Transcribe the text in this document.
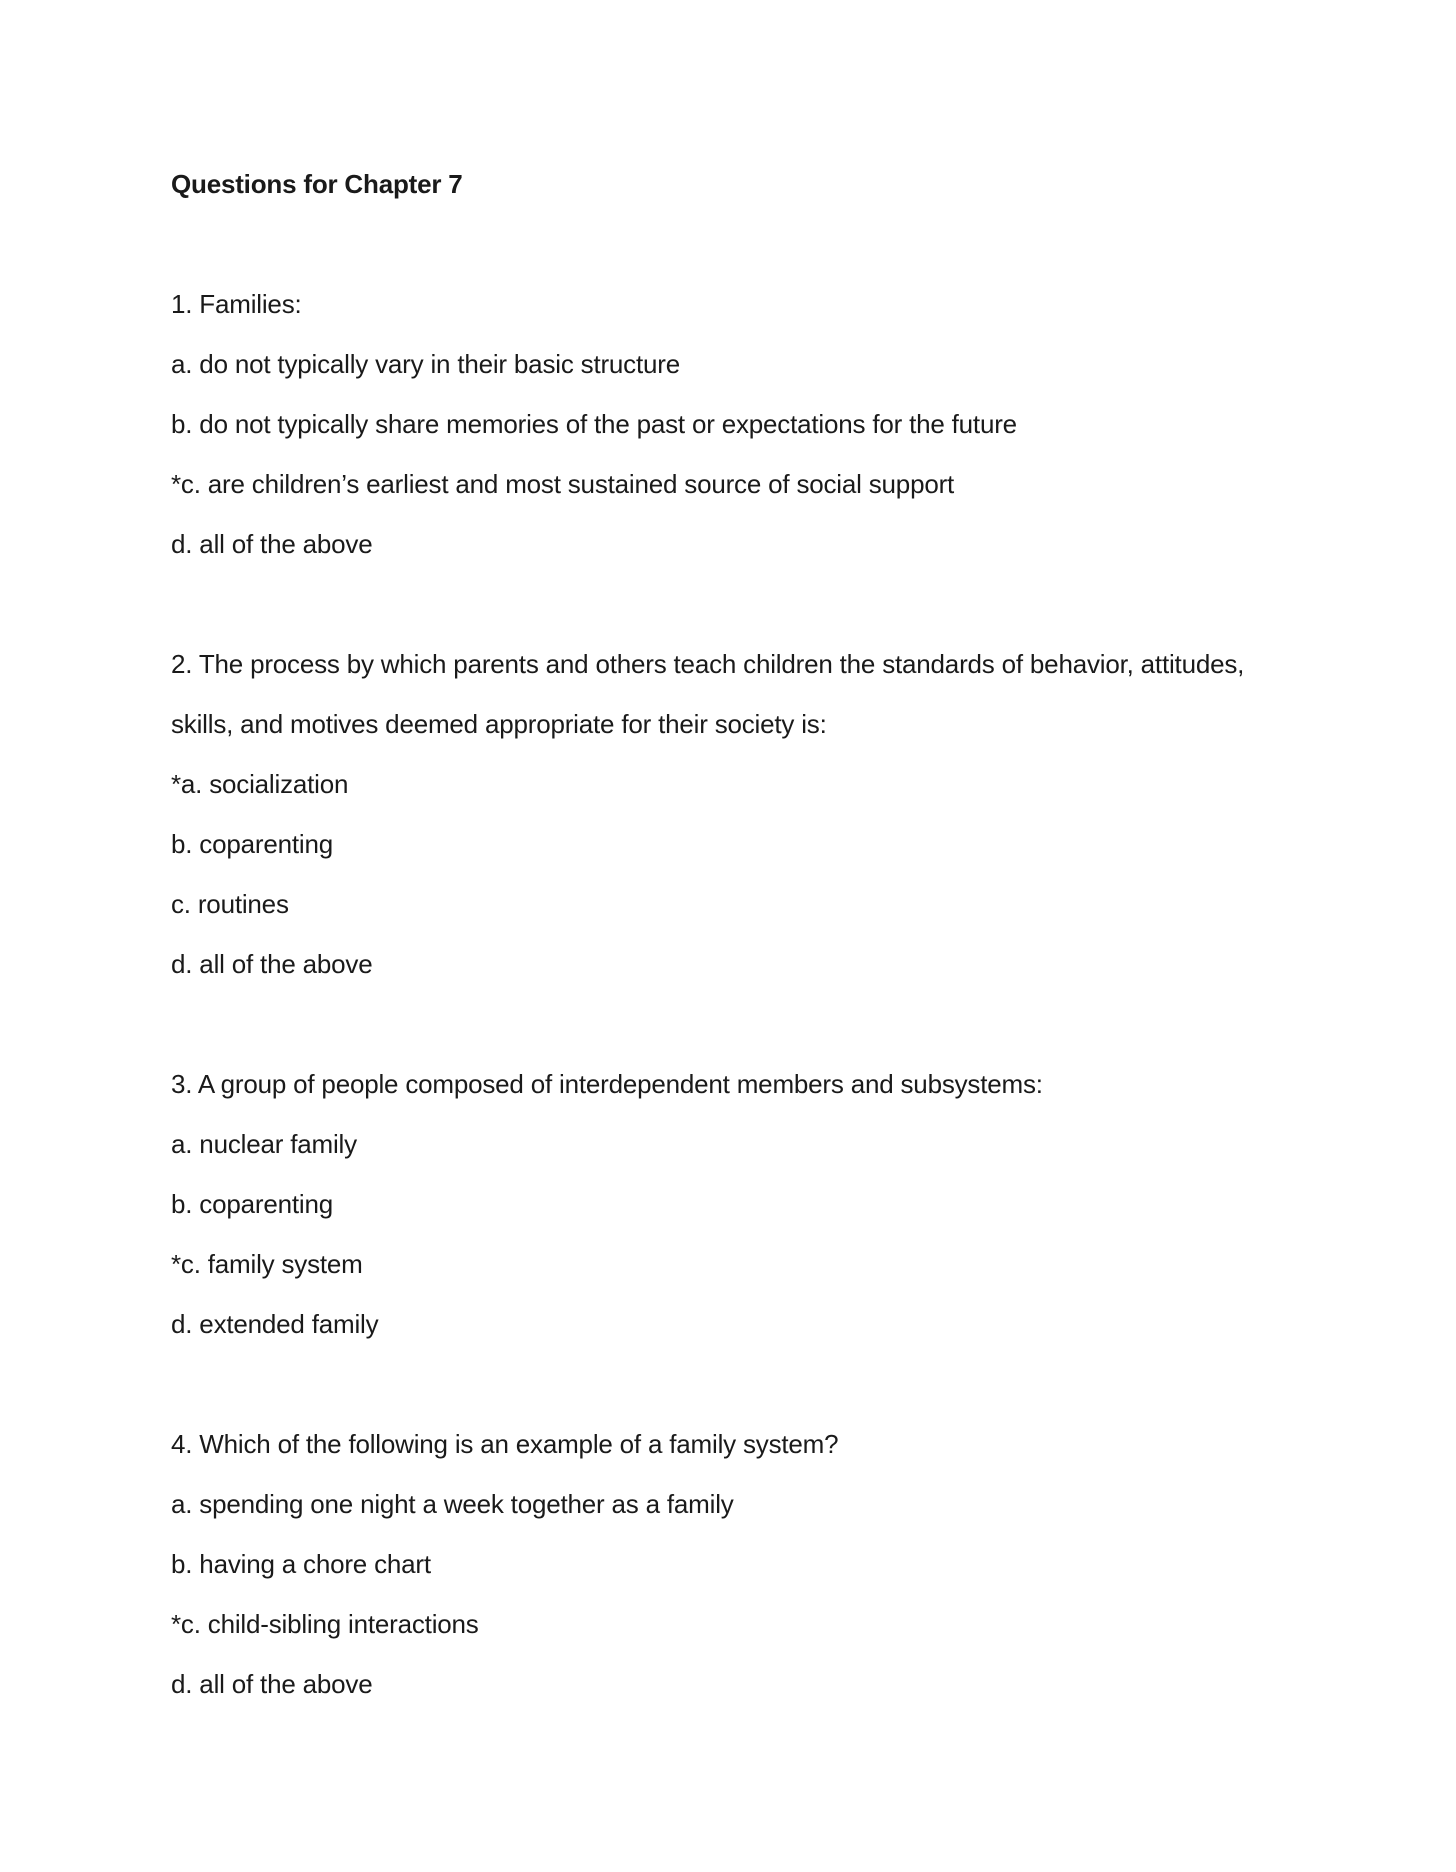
Questions for Chapter 7

1. Families:

a. do not typically vary in their basic structure

b. do not typically share memories of the past or expectations for the future

*c. are children’s earliest and most sustained source of social support

d. all of the above

2. The process by which parents and others teach children the standards of behavior, attitudes,

skills, and motives deemed appropriate for their society is:

*a. socialization

b. coparenting

c. routines

d. all of the above

3. A group of people composed of interdependent members and subsystems:

a. nuclear family

b. coparenting

*c. family system

d. extended family

4. Which of the following is an example of a family system?

a. spending one night a week together as a family

b. having a chore chart

*c. child-sibling interactions

d. all of the above
